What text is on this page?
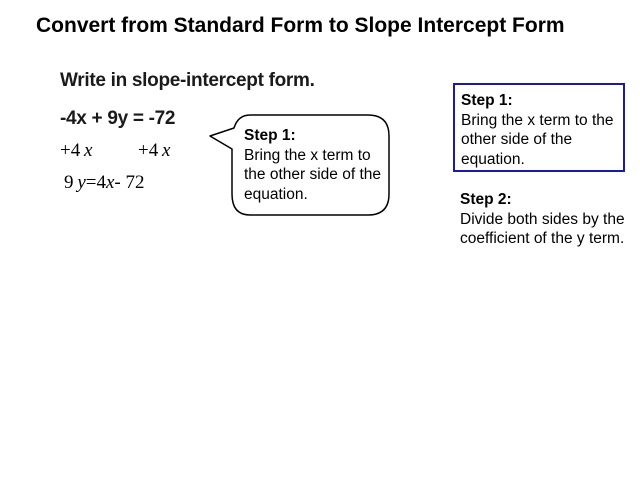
Convert from Standard Form to Slope Intercept Form
Write in slope-intercept form.
-4x + 9y = -72
+4  x +4  x
9  y=4x- 72
Step 1:
Bring the x term to the other side of the equation.
Step 1:
Bring the x term to the other side of the equation.
Step 2:
Divide both sides by the coefficient of the y term.
